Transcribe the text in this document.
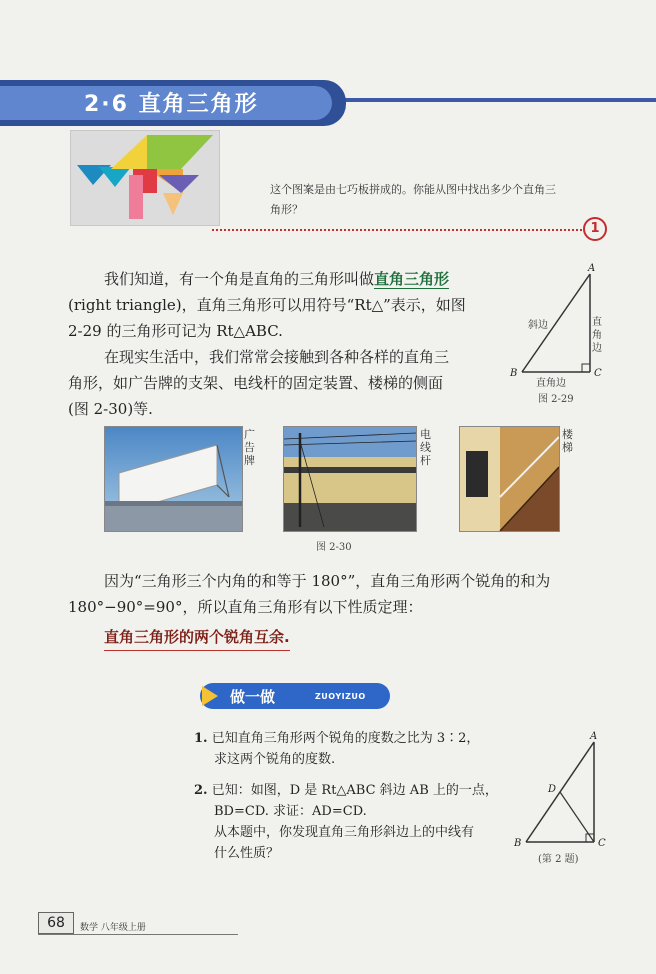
2·6 直角三角形
这个图案是由七巧板拼成的。你能从图中找出多少个直角三
角形？
1
我们知道，有一个角是直角的三角形叫做直角三角形
(right triangle)，直角三角形可以用符号“Rt△”表示，如图
2-29 的三角形可记为 Rt△ABC.
A
B	C
斜边
直角边
图 2-29
直角边
在现实生活中，我们常常会接触到各种各样的直角三
角形，如广告牌的支架、电线杆的固定装置、楼梯的侧面
(图 2-30)等.
广告牌
电线杆
楼梯
图 2-30
因为“三角形三个内角的和等于 180°”，直角三角形两个锐角的和为
180°−90°=90°，所以直角三角形有以下性质定理：
直角三角形的两个锐角互余.
做一做	ZUOYIZUO
1. 已知直角三角形两个锐角的度数之比为 3∶2，
求这两个锐角的度数.
2. 已知：如图，D 是 Rt△ABC 斜边 AB 上的一点，
BD=CD. 求证：AD=CD.
从本题中，你发现直角三角形斜边上的中线有
什么性质？
A
B	C
D
(第 2 题)
68	数学 八年级上册
